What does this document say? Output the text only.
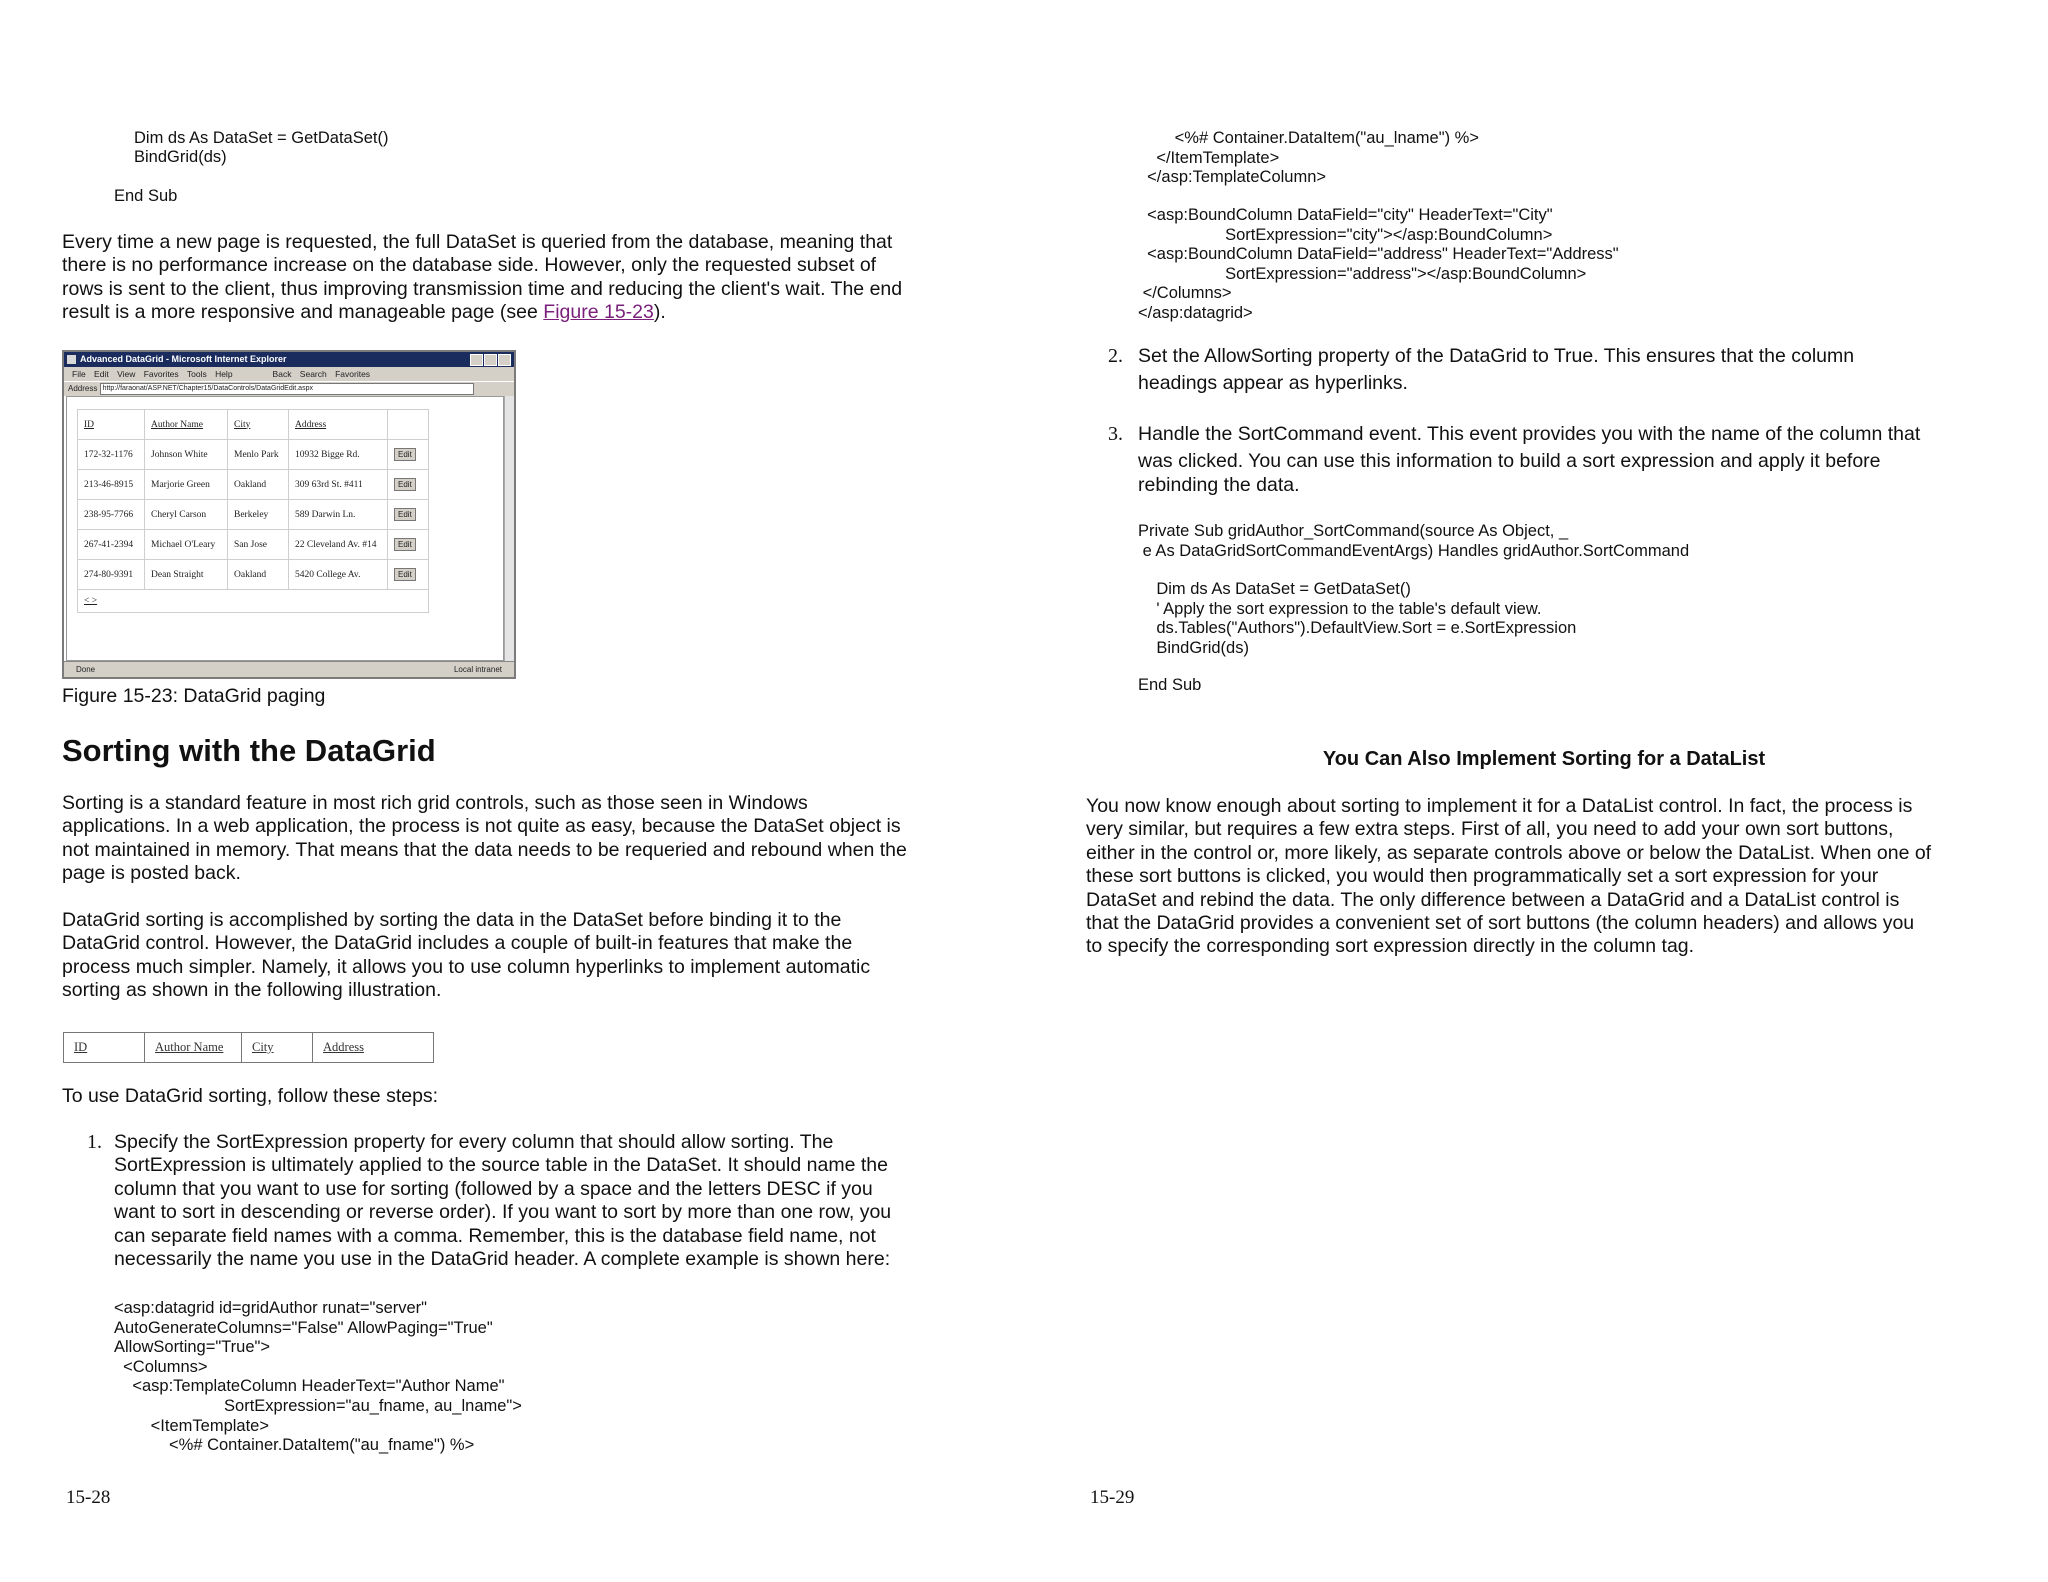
Dim ds As DataSet = GetDataSet()
BindGrid(ds)
End Sub
Every time a new page is requested, the full DataSet is queried from the database, meaning that
there is no performance increase on the database side. However, only the requested subset of
rows is sent to the client, thus improving transmission time and reducing the client's wait. The end
result is a more responsive and manageable page (see Figure 15-23).
Advanced DataGrid - Microsoft Internet Explorer
File Edit View Favorites Tools Help	Back Search Favorites
Address http://faraonat/ASP.NET/Chapter15/DataControls/DataGridEdit.aspx
ID	Author Name	City	Address	
172-32-1176	Johnson White	Menlo Park	10932 Bigge Rd.	Edit
213-46-8915	Marjorie Green	Oakland	309 63rd St. #411	Edit
238-95-7766	Cheryl Carson	Berkeley	589 Darwin Ln.	Edit
267-41-2394	Michael O'Leary	San Jose	22 Cleveland Av. #14	Edit
274-80-9391	Dean Straight	Oakland	5420 College Av.	Edit
< >				
Done	Local intranet
Figure 15-23: DataGrid paging
Sorting with the DataGrid
Sorting is a standard feature in most rich grid controls, such as those seen in Windows
applications. In a web application, the process is not quite as easy, because the DataSet object is
not maintained in memory. That means that the data needs to be requeried and rebound when the
page is posted back.
DataGrid sorting is accomplished by sorting the data in the DataSet before binding it to the
DataGrid control. However, the DataGrid includes a couple of built-in features that make the
process much simpler. Namely, it allows you to use column hyperlinks to implement automatic
sorting as shown in the following illustration.
ID	Author Name	City	Address
To use DataGrid sorting, follow these steps:
1. Specify the SortExpression property for every column that should allow sorting. The
SortExpression is ultimately applied to the source table in the DataSet. It should name the
column that you want to use for sorting (followed by a space and the letters DESC if you
want to sort in descending or reverse order). If you want to sort by more than one row, you
can separate field names with a comma. Remember, this is the database field name, not
necessarily the name you use in the DataGrid header. A complete example is shown here:
<asp:datagrid id=gridAuthor runat="server"
AutoGenerateColumns="False" AllowPaging="True"
AllowSorting="True">
<Columns>
<asp:TemplateColumn HeaderText="Author Name"
SortExpression="au_fname, au_lname">
<ItemTemplate>
<%# Container.DataItem("au_fname") %>
15-28
<%# Container.DataItem("au_lname") %>
</ItemTemplate>
</asp:TemplateColumn>
<asp:BoundColumn DataField="city" HeaderText="City"
SortExpression="city"></asp:BoundColumn>
<asp:BoundColumn DataField="address" HeaderText="Address"
SortExpression="address"></asp:BoundColumn>
</Columns>
</asp:datagrid>
2. Set the AllowSorting property of the DataGrid to True. This ensures that the column
headings appear as hyperlinks.
3. Handle the SortCommand event. This event provides you with the name of the column that
was clicked. You can use this information to build a sort expression and apply it before
rebinding the data.
Private Sub gridAuthor_SortCommand(source As Object, _
e As DataGridSortCommandEventArgs) Handles gridAuthor.SortCommand
Dim ds As DataSet = GetDataSet()
' Apply the sort expression to the table's default view.
ds.Tables("Authors").DefaultView.Sort = e.SortExpression
BindGrid(ds)
End Sub
You Can Also Implement Sorting for a DataList
You now know enough about sorting to implement it for a DataList control. In fact, the process is
very similar, but requires a few extra steps. First of all, you need to add your own sort buttons,
either in the control or, more likely, as separate controls above or below the DataList. When one of
these sort buttons is clicked, you would then programmatically set a sort expression for your
DataSet and rebind the data. The only difference between a DataGrid and a DataList control is
that the DataGrid provides a convenient set of sort buttons (the column headers) and allows you
to specify the corresponding sort expression directly in the column tag.
15-29
